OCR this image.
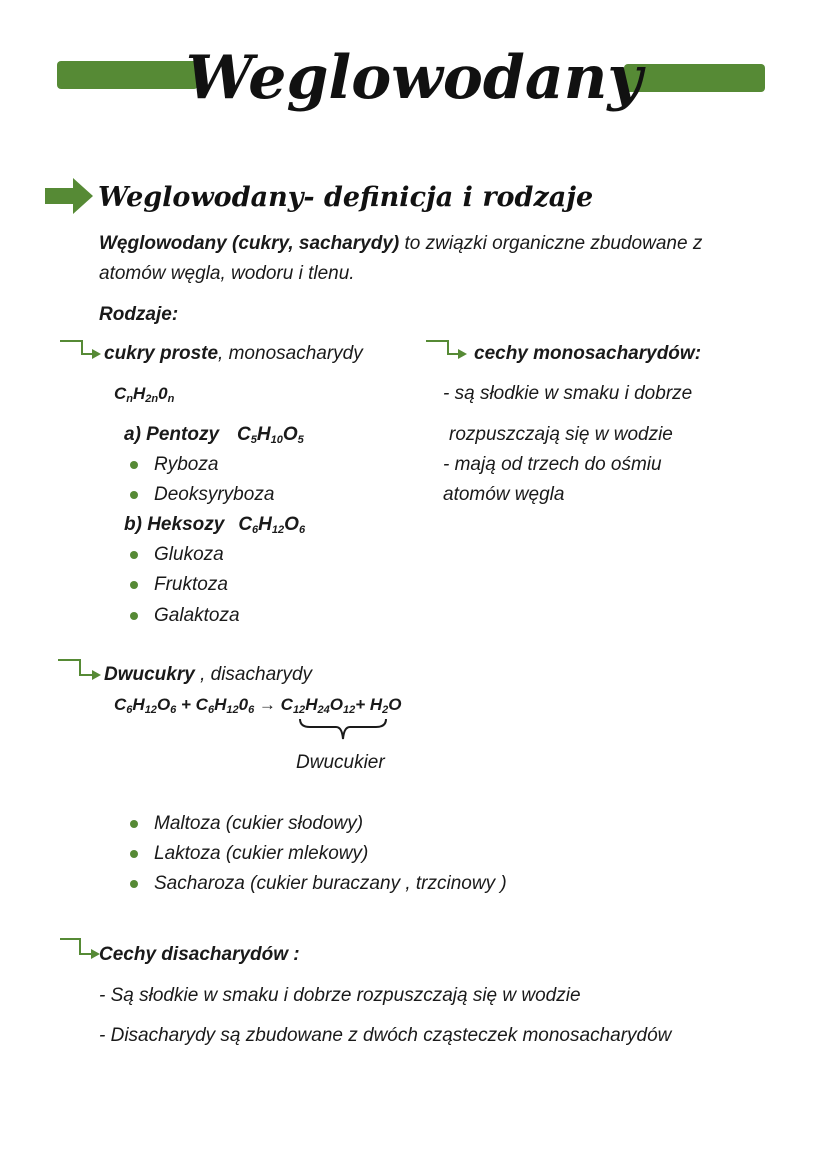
Weglowodany
Weglowodany- definicja i rodzaje
Węglowodany (cukry, sacharydy) to związki organiczne zbudowane z
atomów węgla, wodoru i tlenu.
Rodzaje:
cukry proste, monosacharydy
$C_nH_{2n}0_n$
a) Pentozy $C_5H_{10}O_5$
Ryboza
Deoksyryboza
b) Heksozy $C_6H_{12}O_6$
Glukoza
Fruktoza
Galaktoza
cechy monosacharydów:
- są słodkie w smaku i dobrze
rozpuszczają się w wodzie
- mają od trzech do ośmiu
atomów węgla
Dwucukry , disacharydy
$C_6H_{12}O_6 + C_6H_{12}0_6 \to C_{12}H_{24}O_{12}+ H_2O$
Dwucukier
Maltoza (cukier słodowy)
Laktoza (cukier mlekowy)
Sacharoza (cukier buraczany , trzcinowy )
Cechy disacharydów :
- Są słodkie w smaku i dobrze rozpuszczają się w wodzie
- Disacharydy są zbudowane z dwóch cząsteczek monosacharydów
